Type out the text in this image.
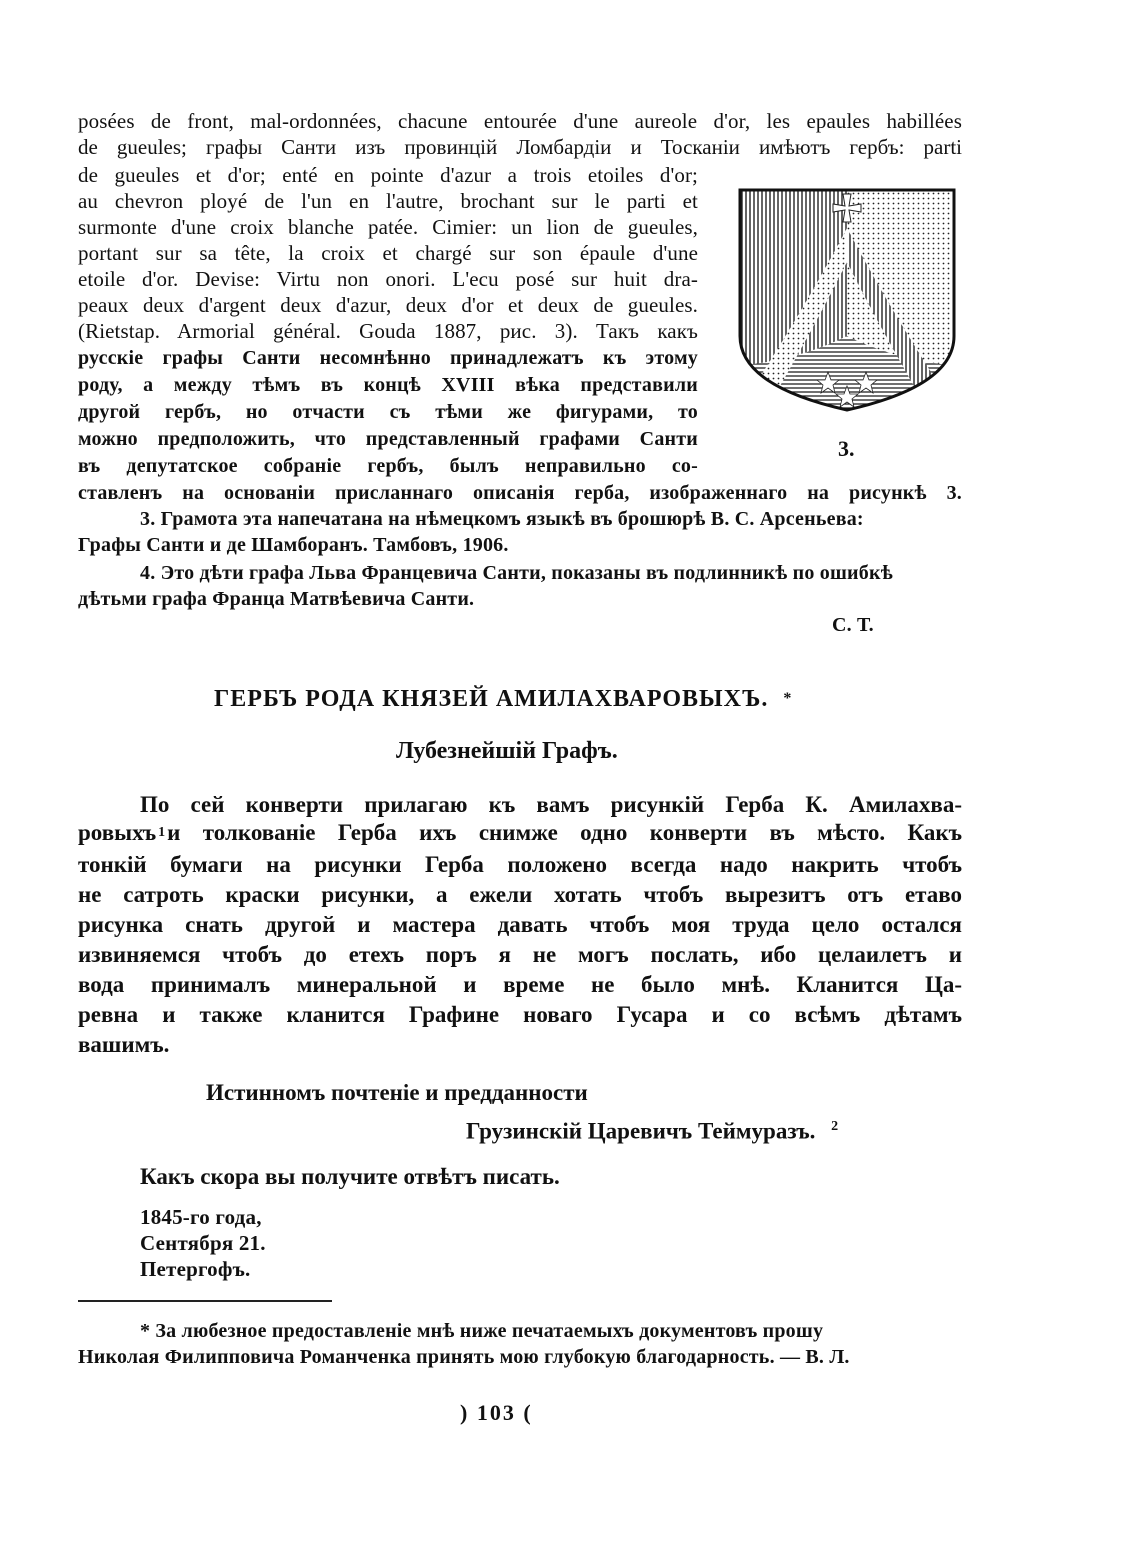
posées de front, mal-ordonnées, chacune entourée d'une aureole d'or, les epaules habillées
de gueules; графы Санти изъ провинцій Ломбардіи и Тосканіи имѣютъ гербъ: parti
de gueules et d'or; enté en pointe d'azur a trois etoiles d'or;
au chevron ployé de l'un en l'autre, brochant sur le parti et
surmonte d'une croix blanche patée. Cimier: un lion de gueules,
portant sur sa tête, la croix et chargé sur son épaule d'une
etoile d'or. Devise: Virtu non onori. L'ecu posé sur huit dra-
peaux deux d'argent deux d'azur, deux d'or et deux de gueules.
(Rietstap. Armorial général. Gouda 1887, рис. 3). Такъ какъ
русскіе графы Санти несомнѣнно принадлежатъ къ этому
роду, а между тѣмъ въ концѣ XVIII вѣка представили
другой гербъ, но отчасти съ тѣми же фигурами, то
можно предположить, что представленный графами Санти
въ депутатское собраніе гербъ, былъ неправильно со-
ставленъ на основаніи присланнаго описанія герба, изображеннаго на рисункѣ 3.
3.
3. Грамота эта напечатана на нѣмецкомъ языкѣ въ брошюрѣ В. С. Арсеньева:
Графы Санти и де Шамборанъ. Тамбовъ, 1906.
4. Это дѣти графа Льва Францевича Санти, показаны въ подлинникѣ по ошибкѣ
дѣтьми графа Франца Матвѣевича Санти.
С. Т.
ГЕРБЪ РОДА КНЯЗЕЙ АМИЛАХВАРОВЫХЪ. *
Лубезнейшій Графъ.
По сей конверти прилагаю къ вамъ рисункій Герба К. Амилахва-
ровыхъ 1 и толкованіе Герба ихъ снимже одно конверти въ мѣсто. Какъ
тонкій бумаги на рисунки Герба положено всегда надо накрить чтобъ
не сатроть краски рисунки, а ежели хотать чтобъ вырезитъ отъ етаво
рисунка снать другой и мастера давать чтобъ моя труда цело остался
извиняемся чтобъ до етехъ поръ я не могъ послать, ибо целаилетъ и
вода принималъ минеральной и време не было мнѣ. Кланится Ца-
ревна и также кланится Графине новаго Гусара и со всѣмъ дѣтамъ
вашимъ.
Истинномъ почтеніе и предданности
Грузинскій Царевичъ Теймуразъ. $^2$
Какъ скора вы получите отвѣтъ писать.
1845-го года,
Сентября 21.
Петергофъ.
* За любезное предоставленіе мнѣ ниже печатаемыхъ документовъ прошу
Николая Филипповича Романченка принять мою глубокую благодарность. — В. Л.
) 103 (
